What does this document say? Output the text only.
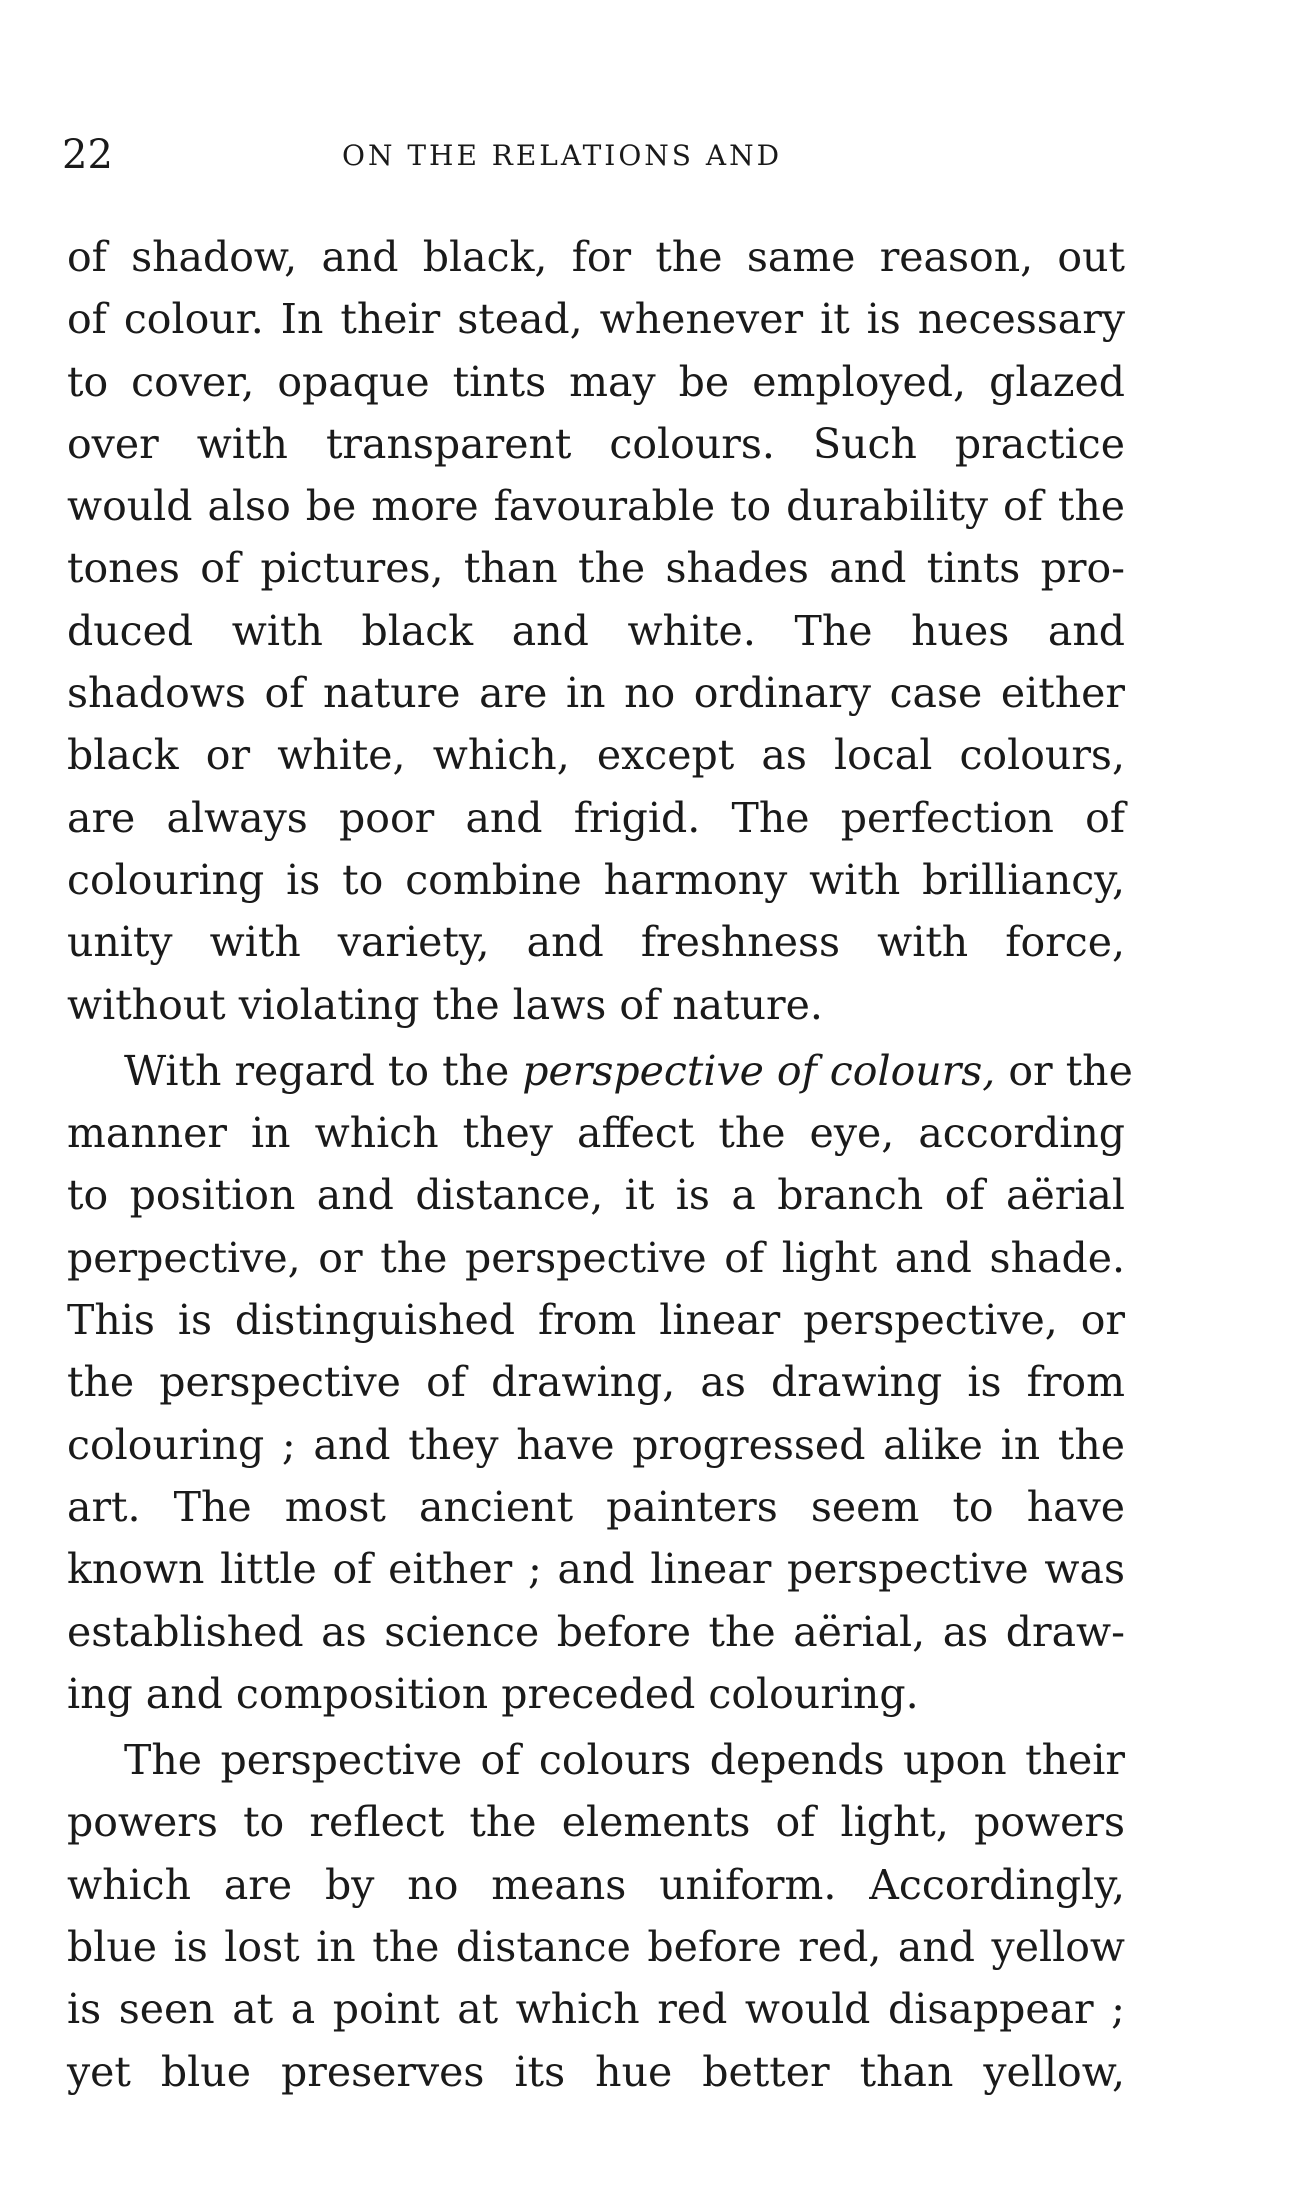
22	ON THE RELATIONS AND
of shadow, and black, for the same reason, out
of colour. In their stead, whenever it is necessary
to cover, opaque tints may be employed, glazed
over with transparent colours. Such practice
would also be more favourable to durability of the
tones of pictures, than the shades and tints pro-
duced with black and white. The hues and
shadows of nature are in no ordinary case either
black or white, which, except as local colours,
are always poor and frigid. The perfection of
colouring is to combine harmony with brilliancy,
unity with variety, and freshness with force,
without violating the laws of nature.
With regard to the perspective of colours, or the
manner in which they affect the eye, according
to position and distance, it is a branch of aërial
perpective, or the perspective of light and shade.
This is distinguished from linear perspective, or
the perspective of drawing, as drawing is from
colouring ; and they have progressed alike in the
art. The most ancient painters seem to have
known little of either ; and linear perspective was
established as science before the aërial, as draw-
ing and composition preceded colouring.
The perspective of colours depends upon their
powers to reflect the elements of light, powers
which are by no means uniform. Accordingly,
blue is lost in the distance before red, and yellow
is seen at a point at which red would disappear ;
yet blue preserves its hue better than yellow,
